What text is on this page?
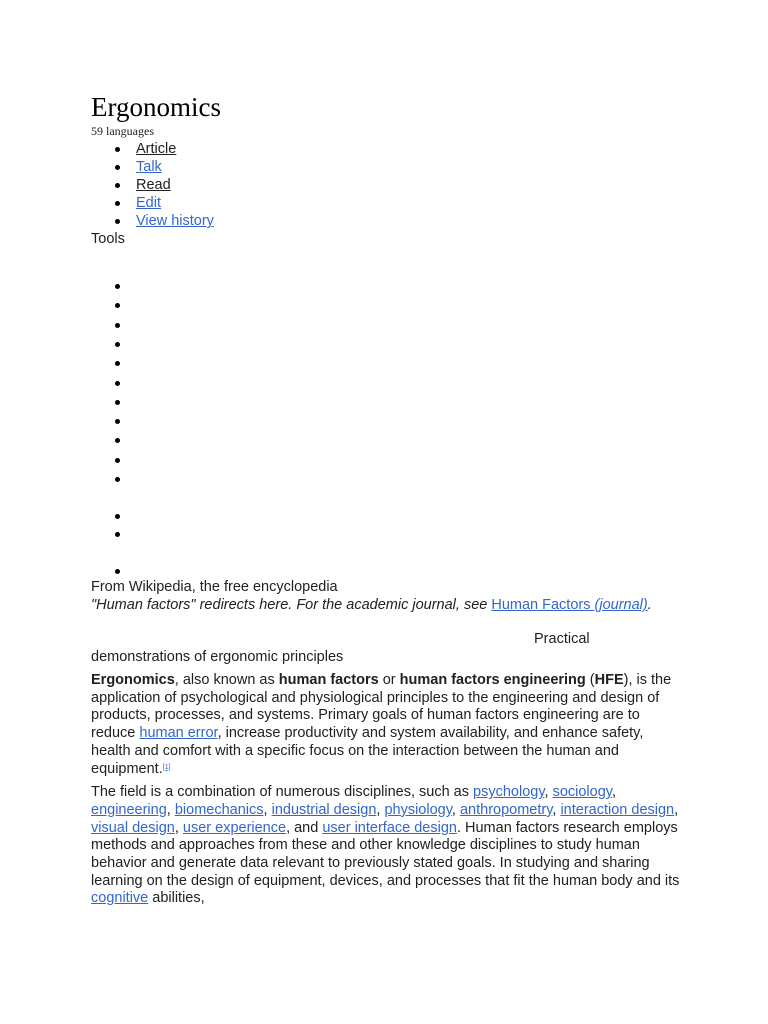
Ergonomics
59 languages
Article
Talk
Read
Edit
View history
Tools
From Wikipedia, the free encyclopedia
"Human factors" redirects here. For the academic journal, see Human Factors (journal).
Practical
demonstrations of ergonomic principles

Ergonomics, also known as human factors or human factors engineering (HFE), is the application of psychological and physiological principles to the engineering and design of products, processes, and systems. Primary goals of human factors engineering are to reduce human error, increase productivity and system availability, and enhance safety, health and comfort with a specific focus on the interaction between the human and equipment.[1]

The field is a combination of numerous disciplines, such as psychology, sociology, engineering, biomechanics, industrial design, physiology, anthropometry, interaction design, visual design, user experience, and user interface design. Human factors research employs methods and approaches from these and other knowledge disciplines to study human behavior and generate data relevant to previously stated goals. In studying and sharing learning on the design of equipment, devices, and processes that fit the human body and its cognitive abilities,
